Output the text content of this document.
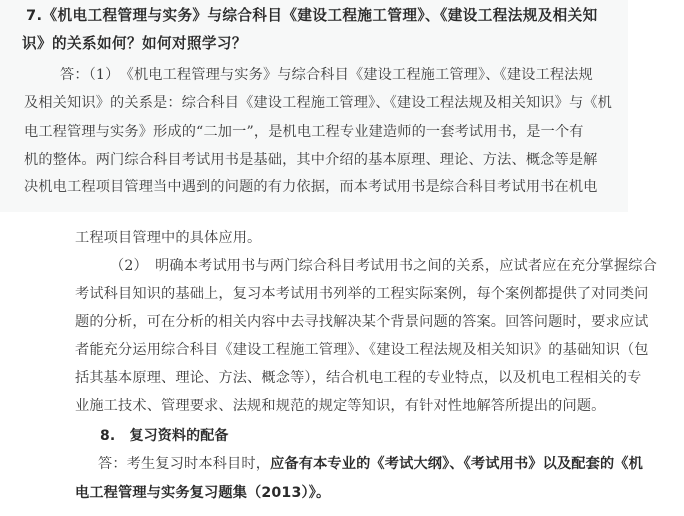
7.《机电工程管理与实务》与综合科目《建设工程施工管理》、《建设工程法规及相关知
识》的关系如何？如何对照学习？
答：（1）　《机电工程管理与实务》与综合科目《建设工程施工管理》、《建设工程法规
及相关知识》的关系是：综合科目《建设工程施工管理》、《建设工程法规及相关知识》与《机
电工程管理与实务》形成的“二加一”，是机电工程专业建造师的一套考试用书，是一个有
机的整体。两门综合科目考试用书是基础，其中介绍的基本原理、理论、方法、概念等是解
决机电工程项目管理当中遇到的问题的有力依据，而本考试用书是综合科目考试用书在机电
工程项目管理中的具体应用。
（2）　明确本考试用书与两门综合科目考试用书之间的关系，应试者应在充分掌握综合
考试科目知识的基础上，复习本考试用书列举的工程实际案例，每个案例都提供了对同类问
题的分析，可在分析的相关内容中去寻找解决某个背景问题的答案。回答问题时，要求应试
者能充分运用综合科目《建设工程施工管理》、《建设工程法规及相关知识》的基础知识（包
括其基本原理、理论、方法、概念等），结合机电工程的专业特点，以及机电工程相关的专
业施工技术、管理要求、法规和规范的规定等知识，有针对性地解答所提出的问题。
8.　复习资料的配备
答：考生复习时本科目时，应备有本专业的《考试大纲》、《考试用书》以及配套的《机
电工程管理与实务复习题集（2013）》。
